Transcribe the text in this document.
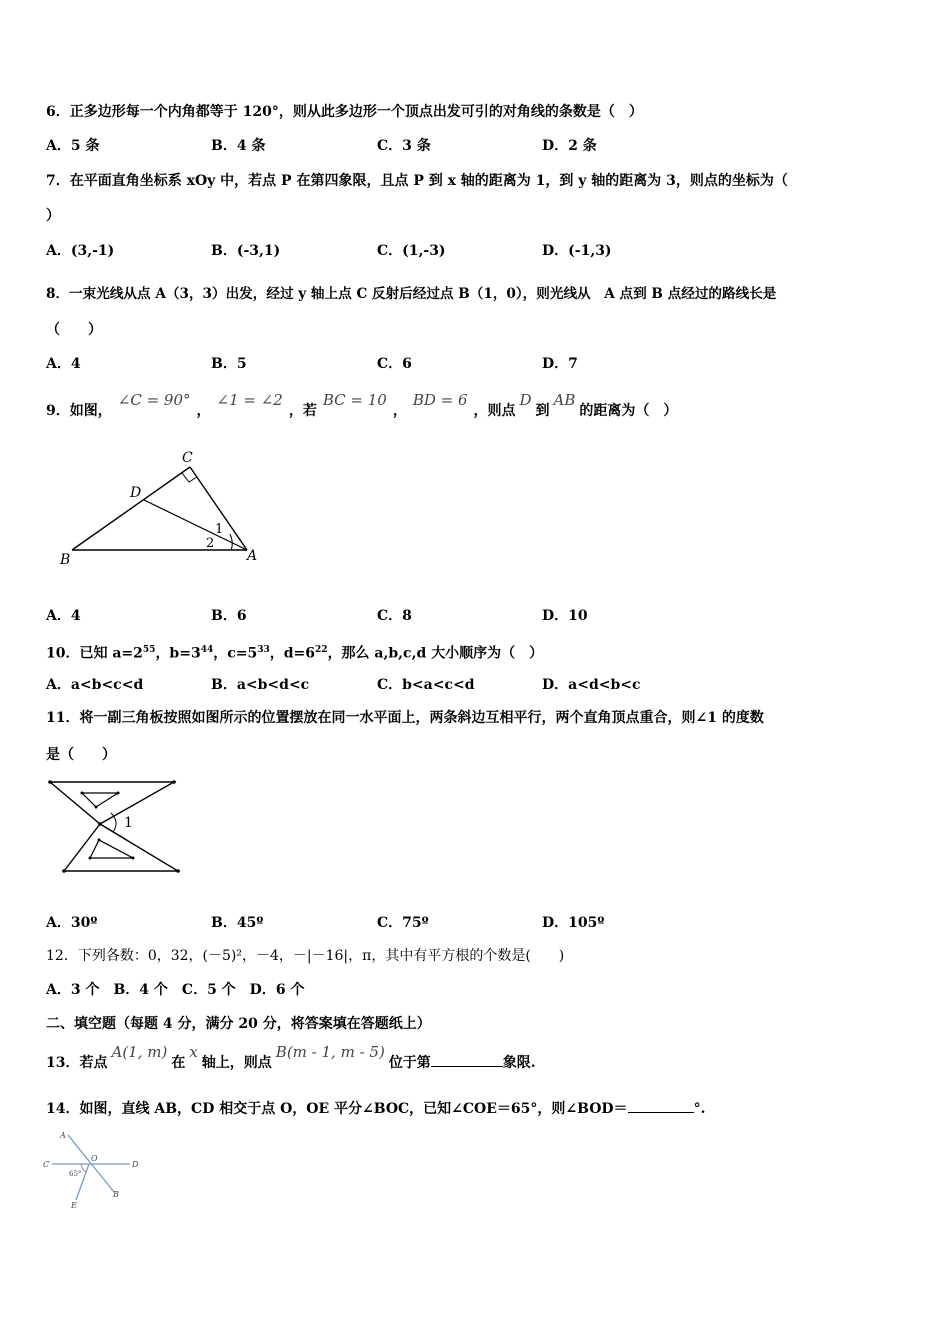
6．正多边形每一个内角都等于 120°，则从此多边形一个顶点出发可引的对角线的条数是（　）
A．5 条	B．4 条	C．3 条	D．2 条
7．在平面直角坐标系 xOy 中，若点 P 在第四象限，且点 P 到 x 轴的距离为 1，到 y 轴的距离为 3，则点的坐标为（
）
A．(3,-1)	B．(-3,1)	C．(1,-3)	D．(-1,3)
8．一束光线从点 A（3，3）出发，经过 y 轴上点 C 反射后经过点 B（1，0），则光线从　A 点到 B 点经过的路线长是
（　　）
A．4	B．5	C．6	D．7
9．如图，∠C = 90°，∠1 = ∠2，若BC = 10，BD = 6，则点D到AB的距离为（　）
C
D
B	A
1
2
A．4	B．6	C．8	D．10
10．已知 $a=2^{55}$，$b=3^{44}$，$c=5^{33}$，$d=6^{22}$，那么 a,b,c,d 大小顺序为（　）
A．a<b<c<d	B．a<b<d<c	C．b<a<c<d	D．a<d<b<c
11．将一副三角板按照如图所示的位置摆放在同一水平面上，两条斜边互相平行，两个直角顶点重合，则∠1 的度数
是（　　）
1
A．30º	B．45º	C．75º	D．105º
12．下列各数：0，32，(－5)²，－4，－|－16|，π，其中有平方根的个数是(　　)
A．3 个　B．4 个　C．5 个　D．6 个
二、填空题（每题 4 分，满分 20 分，将答案填在答题纸上）
13．若点A(1, m)在x轴上，则点B(m - 1, m - 5)位于第	象限.
14．如图，直线 AB，CD 相交于点 O，OE 平分∠BOC，已知∠COE＝65°，则∠BOD＝	°.
A
C	D
O
B
E
65°
